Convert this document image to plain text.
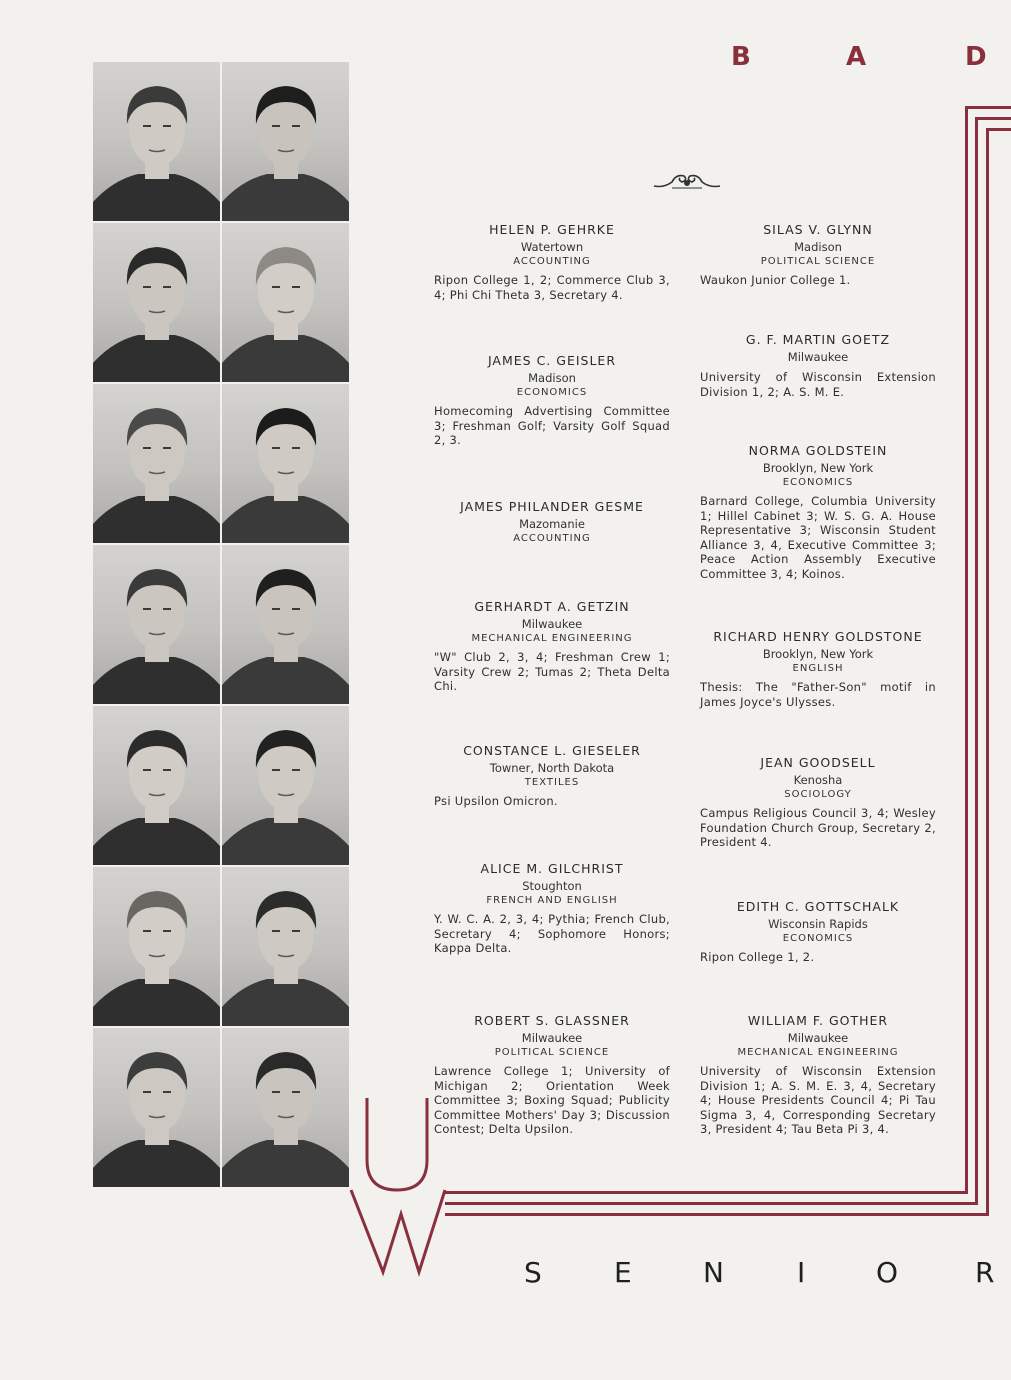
B	A	D
HELEN P. GEHRKE
Watertown
ACCOUNTING
Ripon College 1, 2; Commerce Club 3, 4; Phi Chi Theta 3, Secretary 4.
JAMES C. GEISLER
Madison
ECONOMICS
Homecoming Advertising Committee 3; Freshman Golf; Varsity Golf Squad 2, 3.
JAMES PHILANDER GESME
Mazomanie
ACCOUNTING
GERHARDT A. GETZIN
Milwaukee
MECHANICAL ENGINEERING
"W" Club 2, 3, 4; Freshman Crew 1; Varsity Crew 2; Tumas 2; Theta Delta Chi.
CONSTANCE L. GIESELER
Towner, North Dakota
TEXTILES
Psi Upsilon Omicron.
ALICE M. GILCHRIST
Stoughton
FRENCH AND ENGLISH
Y. W. C. A. 2, 3, 4; Pythia; French Club, Secretary 4; Sophomore Honors; Kappa Delta.
ROBERT S. GLASSNER
Milwaukee
POLITICAL SCIENCE
Lawrence College 1; University of Michigan 2; Orientation Week Committee 3; Boxing Squad; Publicity Committee Mothers' Day 3; Discussion Contest; Delta Upsilon.
SILAS V. GLYNN
Madison
POLITICAL SCIENCE
Waukon Junior College 1.
G. F. MARTIN GOETZ
Milwaukee
University of Wisconsin Extension Division 1, 2; A. S. M. E.
NORMA GOLDSTEIN
Brooklyn, New York
ECONOMICS
Barnard College, Columbia University 1; Hillel Cabinet 3; W. S. G. A. House Representative 3; Wisconsin Student Alliance 3, 4, Executive Committee 3; Peace Action Assembly Executive Committee 3, 4; Koinos.
RICHARD HENRY GOLDSTONE
Brooklyn, New York
ENGLISH
Thesis: The "Father-Son" motif in James Joyce's Ulysses.
JEAN GOODSELL
Kenosha
SOCIOLOGY
Campus Religious Council 3, 4; Wesley Foundation Church Group, Secretary 2, President 4.
EDITH C. GOTTSCHALK
Wisconsin Rapids
ECONOMICS
Ripon College 1, 2.
WILLIAM F. GOTHER
Milwaukee
MECHANICAL ENGINEERING
University of Wisconsin Extension Division 1; A. S. M. E. 3, 4, Secretary 4; House Presidents Council 4; Pi Tau Sigma 3, 4, Corresponding Secretary 3, President 4; Tau Beta Pi 3, 4.
S	E	N	I	O	R
